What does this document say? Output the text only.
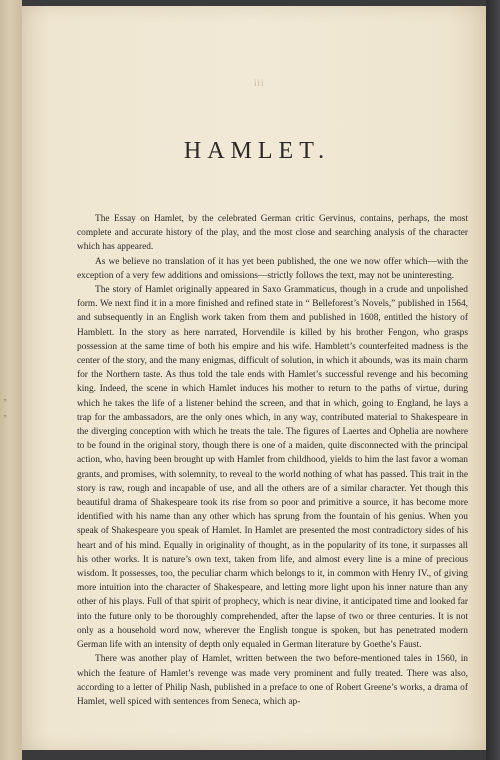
,
,
iii
HAMLET.

The Essay on Hamlet, by the celebrated German critic Gervinus, contains, perhaps, the most complete and accurate history of the play, and the most close and searching analysis of the character which has appeared.

As we believe no translation of it has yet been published, the one we now offer which—with the exception of a very few additions and omissions—strictly follows the text, may not be uninteresting.

The story of Hamlet originally appeared in Saxo Grammaticus, though in a crude and unpolished form. We next find it in a more finished and refined state in “ Belleforest’s Novels,” published in 1564, and subsequently in an English work taken from them and published in 1608, entitled the history of Hamblett. In the story as here narrated, Horvendile is killed by his brother Fengon, who grasps possession at the same time of both his empire and his wife. Hamblett’s counterfeited madness is the center of the story, and the many enigmas, difficult of solution, in which it abounds, was its main charm for the Northern taste. As thus told the tale ends with Hamlet’s successful revenge and his becoming king. Indeed, the scene in which Hamlet induces his mother to return to the paths of virtue, during which he takes the life of a listener behind the screen, and that in which, going to England, he lays a trap for the ambassadors, are the only ones which, in any way, contributed material to Shakespeare in the diverging conception with which he treats the tale. The figures of Laertes and Ophelia are nowhere to be found in the original story, though there is one of a maiden, quite disconnected with the principal action, who, having been brought up with Hamlet from childhood, yields to him the last favor a woman grants, and promises, with solemnity, to reveal to the world nothing of what has passed. This trait in the story is raw, rough and incapable of use, and all the others are of a similar character. Yet though this beautiful drama of Shakespeare took its rise from so poor and primitive a source, it has become more identified with his name than any other which has sprung from the fountain of his genius. When you speak of Shakespeare you speak of Hamlet. In Hamlet are presented the most contradictory sides of his heart and of his mind. Equally in originality of thought, as in the popularity of its tone, it surpasses all his other works. It is nature’s own text, taken from life, and almost every line is a mine of precious wisdom. It possesses, too, the peculiar charm which belongs to it, in common with Henry IV., of giving more intuition into the character of Shakespeare, and letting more light upon his inner nature than any other of his plays. Full of that spirit of prophecy, which is near divine, it anticipated time and looked far into the future only to be thoroughly comprehended, after the lapse of two or three centuries. It is not only as a household word now, wherever the English tongue is spoken, but has penetrated modern German life with an intensity of depth only equaled in German literature by Goethe’s Faust.

There was another play of Hamlet, written between the two before-mentioned tales in 1560, in which the feature of Hamlet’s revenge was made very prominent and fully treated. There was also, according to a letter of Philip Nash, published in a preface to one of Robert Greene’s works, a drama of Hamlet, well spiced with sentences from Seneca, which ap-
